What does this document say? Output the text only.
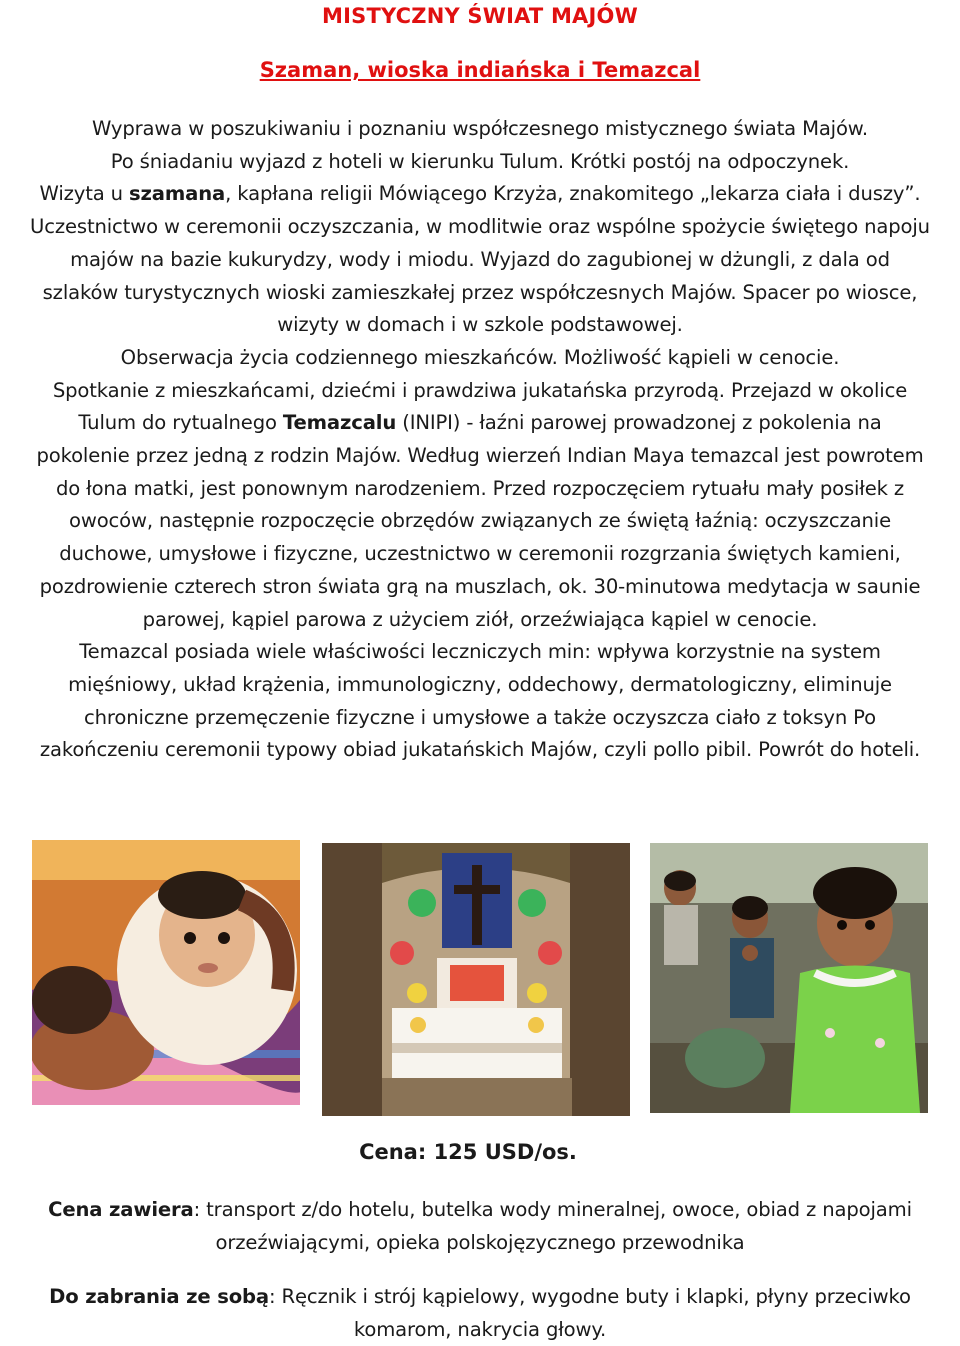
MISTYCZNY ŚWIAT MAJÓW
Szaman, wioska indiańska i Temazcal
Wyprawa w poszukiwaniu i poznaniu współczesnego mistycznego świata Majów.
Po śniadaniu wyjazd z hoteli w kierunku Tulum. Krótki postój na odpoczynek.
Wizyta u szamana, kapłana religii Mówiącego Krzyża, znakomitego „lekarza ciała i duszy”.
Uczestnictwo w ceremonii oczyszczania, w modlitwie oraz wspólne spożycie świętego napoju
majów na bazie kukurydzy, wody i miodu. Wyjazd do zagubionej w dżungli, z dala od
szlaków turystycznych wioski zamieszkałej przez współczesnych Majów. Spacer po wiosce,
wizyty w domach i w szkole podstawowej.
Obserwacja życia codziennego mieszkańców. Możliwość kąpieli w cenocie.
Spotkanie z mieszkańcami, dziećmi i prawdziwa jukatańska przyrodą. Przejazd w okolice
Tulum do rytualnego Temazcalu (INIPI) - łaźni parowej prowadzonej z pokolenia na
pokolenie przez jedną z rodzin Majów. Według wierzeń Indian Maya temazcal jest powrotem
do łona matki, jest ponownym narodzeniem. Przed rozpoczęciem rytuału mały posiłek z
owoców, następnie rozpoczęcie obrzędów związanych ze świętą łaźnią: oczyszczanie
duchowe, umysłowe i fizyczne, uczestnictwo w ceremonii rozgrzania świętych kamieni,
pozdrowienie czterech stron świata grą na muszlach, ok. 30-minutowa medytacja w saunie
parowej, kąpiel parowa z użyciem ziół, orzeźwiająca kąpiel w cenocie.
Temazcal posiada wiele właściwości leczniczych min: wpływa korzystnie na system
mięśniowy, układ krążenia, immunologiczny, oddechowy, dermatologiczny, eliminuje
chroniczne przemęczenie fizyczne i umysłowe a także oczyszcza ciało z toksyn Po
zakończeniu ceremonii typowy obiad jukatańskich Majów, czyli pollo pibil. Powrót do hoteli.
Cena: 125 USD/os.
Cena zawiera: transport z/do hotelu, butelka wody mineralnej, owoce, obiad z napojami
orzeźwiającymi, opieka polskojęzycznego przewodnika
Do zabrania ze sobą: Ręcznik i strój kąpielowy, wygodne buty i klapki, płyny przeciwko
komarom, nakrycia głowy.
